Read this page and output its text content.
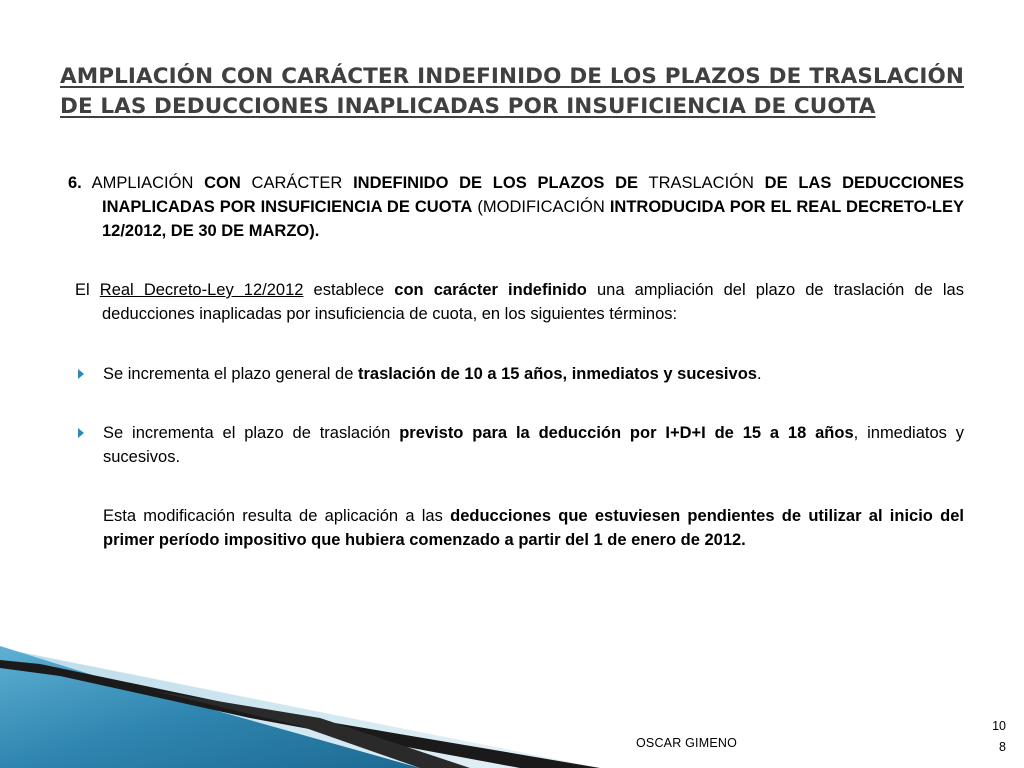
AMPLIACIÓN CON CARÁCTER INDEFINIDO DE LOS PLAZOS DE TRASLACIÓN
DE LAS DEDUCCIONES INAPLICADAS POR INSUFICIENCIA DE CUOTA
6. AMPLIACIÓN CON CARÁCTER INDEFINIDO DE LOS PLAZOS DE TRASLACIÓN DE LAS DEDUCCIONES INAPLICADAS POR INSUFICIENCIA DE CUOTA (MODIFICACIÓN INTRODUCIDA POR EL REAL DECRETO-LEY 12/2012, DE 30 DE MARZO).
El Real Decreto-Ley 12/2012 establece con carácter indefinido una ampliación del plazo de traslación de las deducciones inaplicadas por insuficiencia de cuota, en los siguientes términos:
Se incrementa el plazo general de traslación de 10 a 15 años, inmediatos y sucesivos.
Se incrementa el plazo de traslación previsto para la deducción por I+D+I de 15 a 18 años, inmediatos y sucesivos.
Esta modificación resulta de aplicación a las deducciones que estuviesen pendientes de utilizar al inicio del primer período impositivo que hubiera comenzado a partir del 1 de enero de 2012.
OSCAR GIMENO
10
8
